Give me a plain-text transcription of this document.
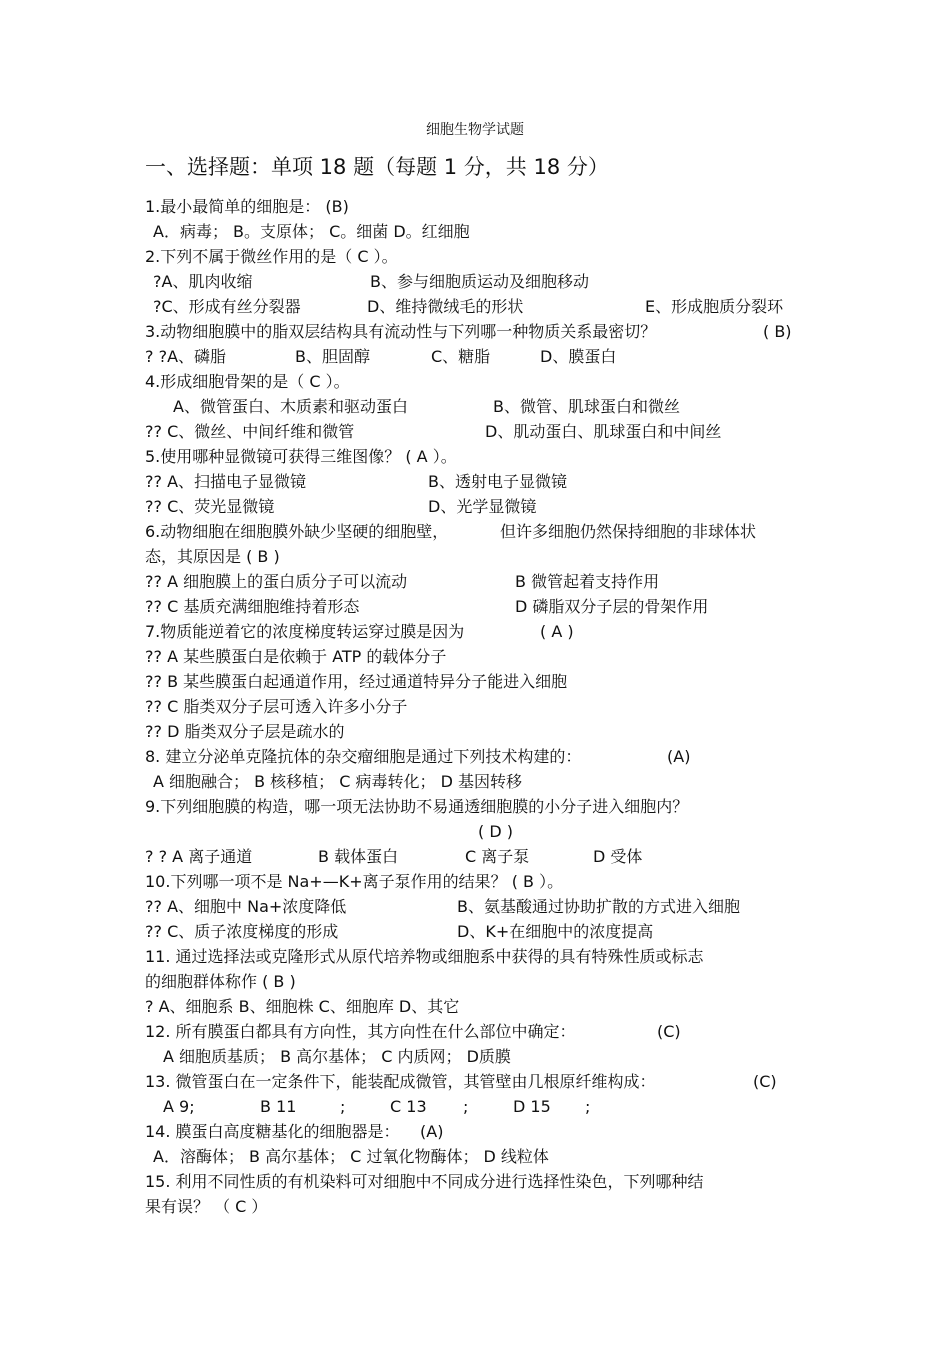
细胞生物学试题
一、选择题：单项 18 题（每题 1 分，共 18 分）
1.最小最简单的细胞是： (B)
A．病毒； B。支原体； C。细菌 D。红细胞
2.下列不属于微丝作用的是（ C ）。
?A、肌肉收缩	B、参与细胞质运动及细胞移动
?C、形成有丝分裂器	D、维持微绒毛的形状	E、形成胞质分裂环
3.动物细胞膜中的脂双层结构具有流动性与下列哪一种物质关系最密切？	( B)
? ?A、磷脂	B、胆固醇	C、糖脂	D、膜蛋白
4.形成细胞骨架的是（ C ）。
A、微管蛋白、木质素和驱动蛋白	B、微管、肌球蛋白和微丝
?? C、微丝、中间纤维和微管	D、肌动蛋白、肌球蛋白和中间丝
5.使用哪种显微镜可获得三维图像？ ( A ）。
?? A、扫描电子显微镜	B、透射电子显微镜
?? C、荧光显微镜	D、光学显微镜
6.动物细胞在细胞膜外缺少坚硬的细胞壁，	但许多细胞仍然保持细胞的非球体状
态，其原因是 ( B )
?? A 细胞膜上的蛋白质分子可以流动	B 微管起着支持作用
?? C 基质充满细胞维持着形态	D 磷脂双分子层的骨架作用
7.物质能逆着它的浓度梯度转运穿过膜是因为	( A )
?? A 某些膜蛋白是依赖于 ATP 的载体分子
?? B 某些膜蛋白起通道作用，经过通道特异分子能进入细胞
?? C 脂类双分子层可透入许多小分子
?? D 脂类双分子层是疏水的
8. 建立分泌单克隆抗体的杂交瘤细胞是通过下列技术构建的：	(A)
A 细胞融合； B 核移植； C 病毒转化； D 基因转移
9.下列细胞膜的构造，哪一项无法协助不易通透细胞膜的小分子进入细胞内？
( D )
? ? A 离子通道	B 载体蛋白	C 离子泵	D 受体
10.下列哪一项不是 Na+—K+离子泵作用的结果？ ( B ）。
?? A、细胞中 Na+浓度降低	B、氨基酸通过协助扩散的方式进入细胞
?? C、质子浓度梯度的形成	D、K+在细胞中的浓度提高
11. 通过选择法或克隆形式从原代培养物或细胞系中获得的具有特殊性质或标志
的细胞群体称作 ( B )
? A、细胞系 B、细胞株 C、细胞库 D、其它
12. 所有膜蛋白都具有方向性，其方向性在什么部位中确定：	(C)
A 细胞质基质； B 高尔基体； C 内质网； D质膜
13. 微管蛋白在一定条件下，能装配成微管，其管壁由几根原纤维构成：	(C)
A 9;	B 11	;	C 13 ;	D 15 ;
14. 膜蛋白高度糖基化的细胞器是： (A)
A．溶酶体； B 高尔基体； C 过氧化物酶体； D 线粒体
15. 利用不同性质的有机染料可对细胞中不同成分进行选择性染色，下列哪种结
果有误？ （ C ）
